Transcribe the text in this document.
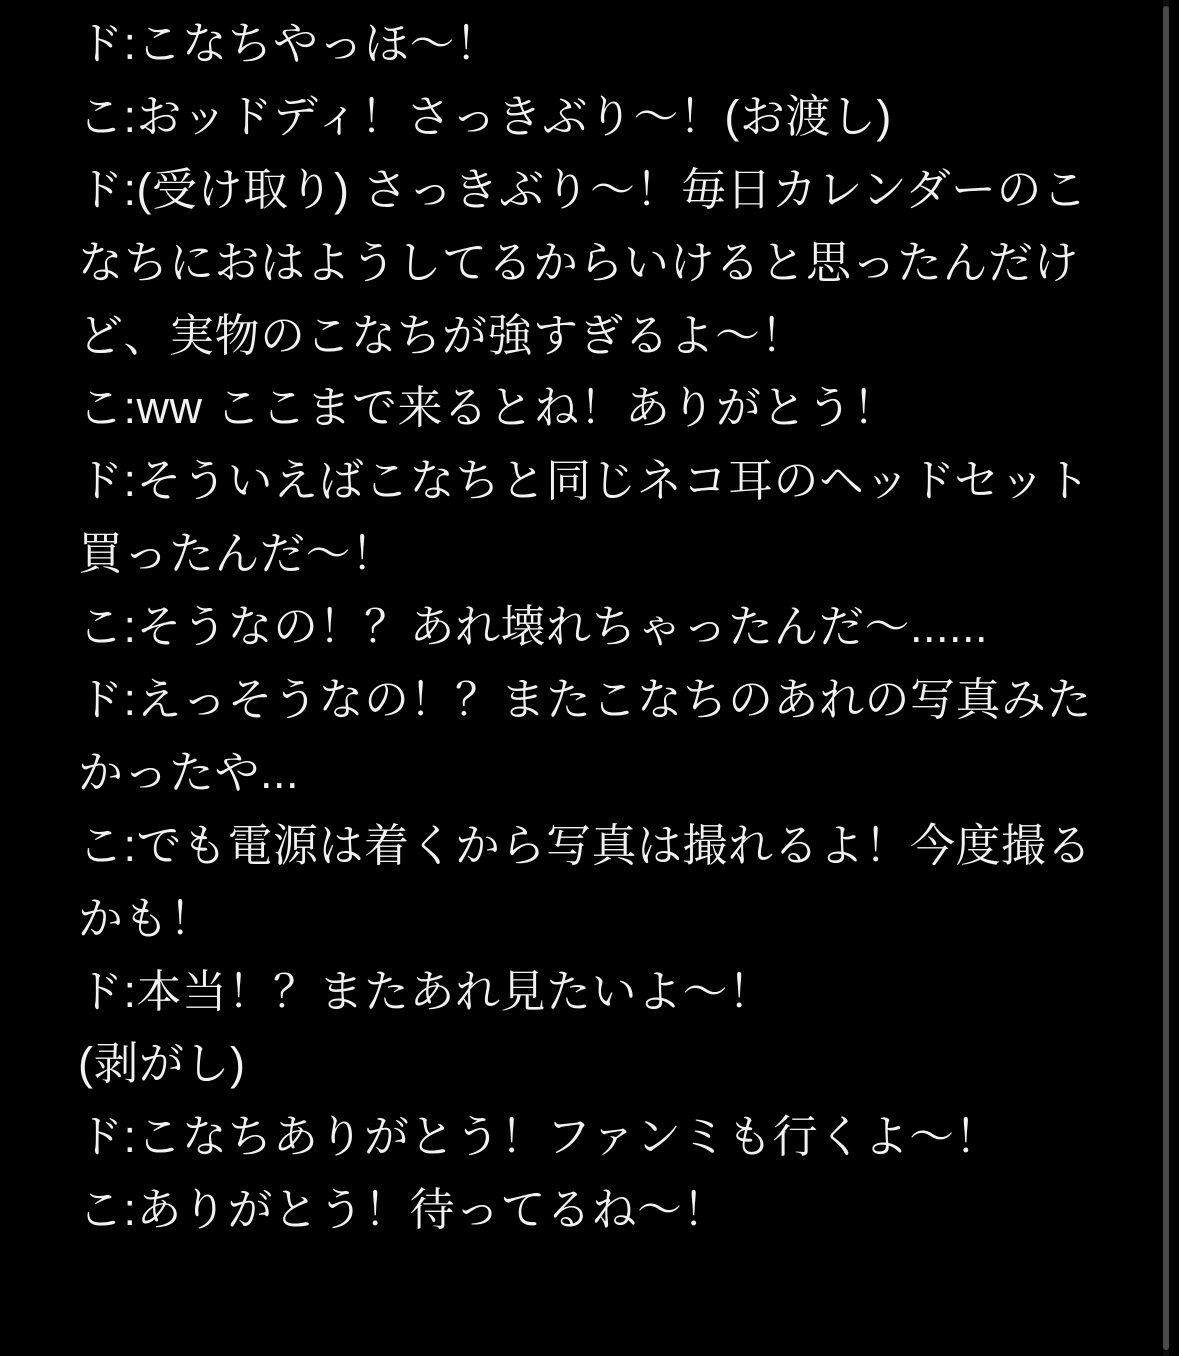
ド:こなちやっほ〜！

こ:おッドディ！さっきぶり〜！(お渡し)

ド:(受け取り) さっきぶり〜！毎日カレンダーのこなちにおはようしてるからいけると思ったんだけど、実物のこなちが強すぎるよ〜！

こ:ww ここまで来るとね！ありがとう！

ド:そういえばこなちと同じネコ耳のヘッドセット買ったんだ〜！

こ:そうなの！？あれ壊れちゃったんだ〜......

ド:えっそうなの！？またこなちのあれの写真みたかったや...

こ:でも電源は着くから写真は撮れるよ！今度撮るかも！

ド:本当！？またあれ見たいよ〜！

(剥がし)

ド:こなちありがとう！ファンミも行くよ〜！

こ:ありがとう！待ってるね〜！
